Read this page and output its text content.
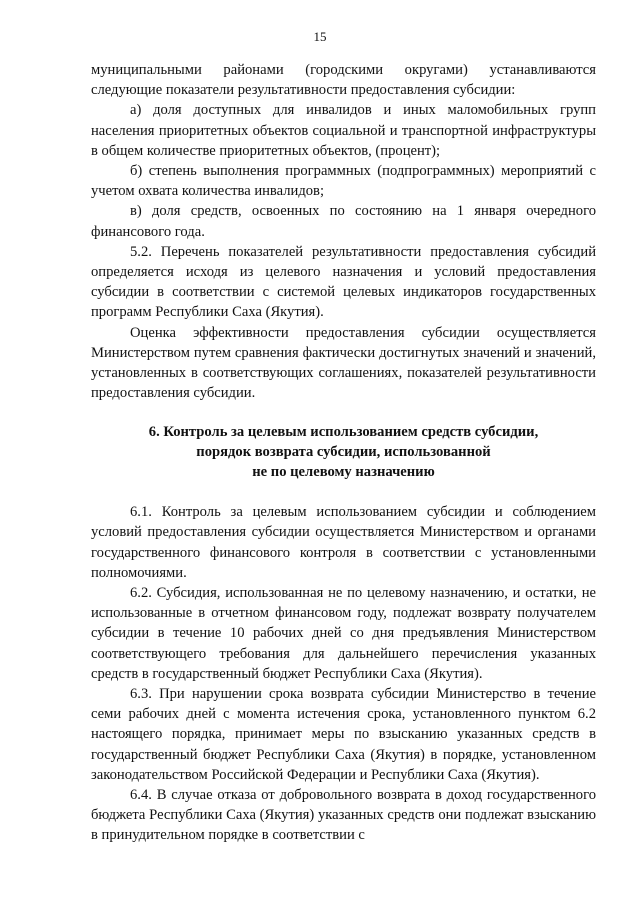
15

муниципальными районами (городскими округами) устанавливаются следующие показатели результативности предоставления субсидии:

а) доля доступных для инвалидов и иных маломобильных групп населения приоритетных объектов социальной и транспортной инфраструктуры в общем количестве приоритетных объектов, (процент);

б) степень выполнения программных (подпрограммных) мероприятий с учетом охвата количества инвалидов;

в) доля средств, освоенных по состоянию на 1 января очередного финансового года.

5.2. Перечень показателей результативности предоставления субсидий определяется исходя из целевого назначения и условий предоставления субсидии в соответствии с системой целевых индикаторов государственных программ Республики Саха (Якутия).

Оценка эффективности предоставления субсидии осуществляется Министерством путем сравнения фактически достигнутых значений и значений, установленных в соответствующих соглашениях, показателей результативности предоставления субсидии.

6. Контроль за целевым использованием средств субсидии,
порядок возврата субсидии, использованной
не по целевому назначению

6.1. Контроль за целевым использованием субсидии и соблюдением условий предоставления субсидии осуществляется Министерством и органами государственного финансового контроля в соответствии с установленными полномочиями.

6.2. Субсидия, использованная не по целевому назначению, и остатки, не использованные в отчетном финансовом году, подлежат возврату получателем субсидии в течение 10 рабочих дней со дня предъявления Министерством соответствующего требования для дальнейшего перечисления указанных средств в государственный бюджет Республики Саха (Якутия).

6.3. При нарушении срока возврата субсидии Министерство в течение семи рабочих дней с момента истечения срока, установленного пунктом 6.2 настоящего порядка, принимает меры по взысканию указанных средств в государственный бюджет Республики Саха (Якутия) в порядке, установленном законодательством Российской Федерации и Республики Саха (Якутия).

6.4. В случае отказа от добровольного возврата в доход государственного бюджета Республики Саха (Якутия) указанных средств они подлежат взысканию в принудительном порядке в соответствии с
